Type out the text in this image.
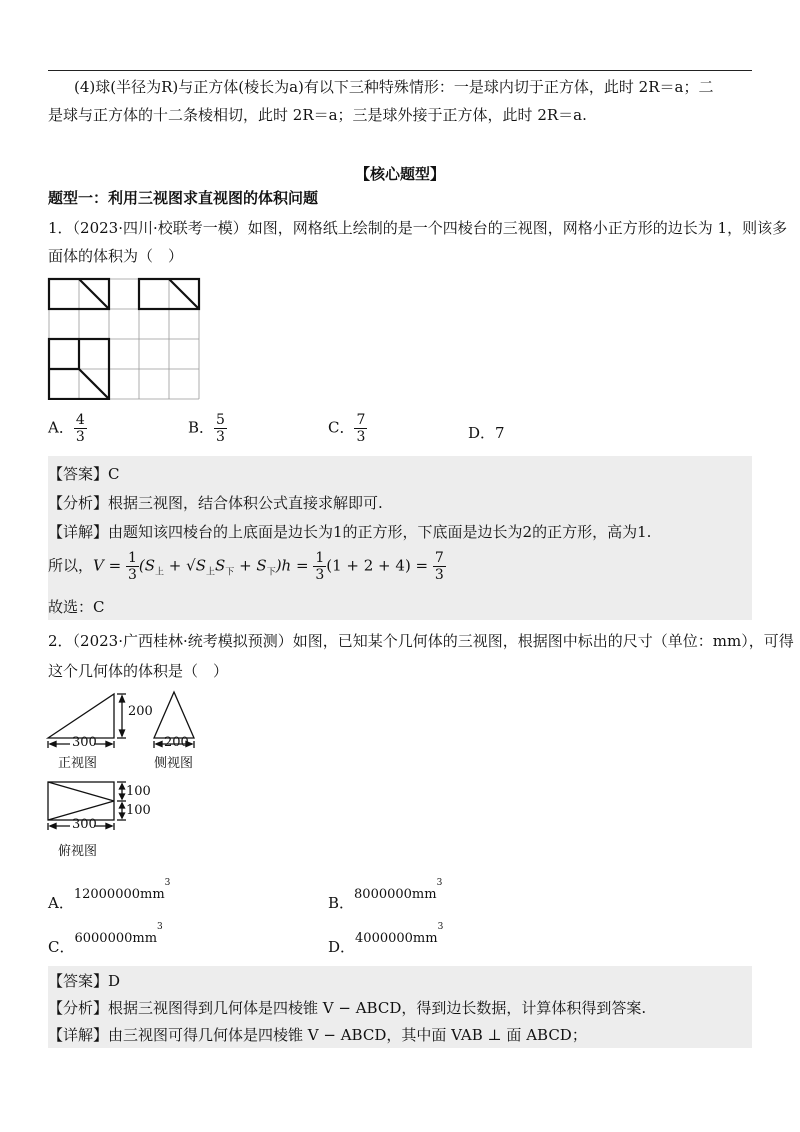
(4)球(半径为R)与正方体(棱长为a)有以下三种特殊情形：一是球内切于正方体，此时 2R＝a；二
是球与正方体的十二条棱相切，此时 2R＝a；三是球外接于正方体，此时 2R＝a.
【核心题型】
题型一：利用三视图求直视图的体积问题
1．（2023·四川·校联考一模）如图，网格纸上绘制的是一个四棱台的三视图，网格小正方形的边长为 1，则该多
面体的体积为（　）
A． $\frac{4}{3}$	B． $\frac{5}{3}$	C． $\frac{7}{3}$	D．7
【答案】C
【分析】根据三视图，结合体积公式直接求解即可.
【详解】由题知该四棱台的上底面是边长为1的正方形，下底面是边长为2的正方形，高为1.
所以，$V = \frac{1}{3} (S_上 + √S_上S_下 + S_下)h = \frac{1}{3} (1 + 2 + 4) = \frac{7}{3}$
故选：C
2．（2023·广西桂林·统考模拟预测）如图，已知某个几何体的三视图，根据图中标出的尺寸（单位：mm），可得
这个几何体的体积是（　）
200
300	200
正视图	侧视图
100
100
300
俯视图
A．$12000000mm^3$
B．$8000000mm^3$
C．$6000000mm^3$
D．$4000000mm^3$
【答案】D
【分析】根据三视图得到几何体是四棱锥 V − ABCD，得到边长数据，计算体积得到答案.
【详解】由三视图可得几何体是四棱锥 V − ABCD，其中面 VAB ⊥ 面 ABCD；
